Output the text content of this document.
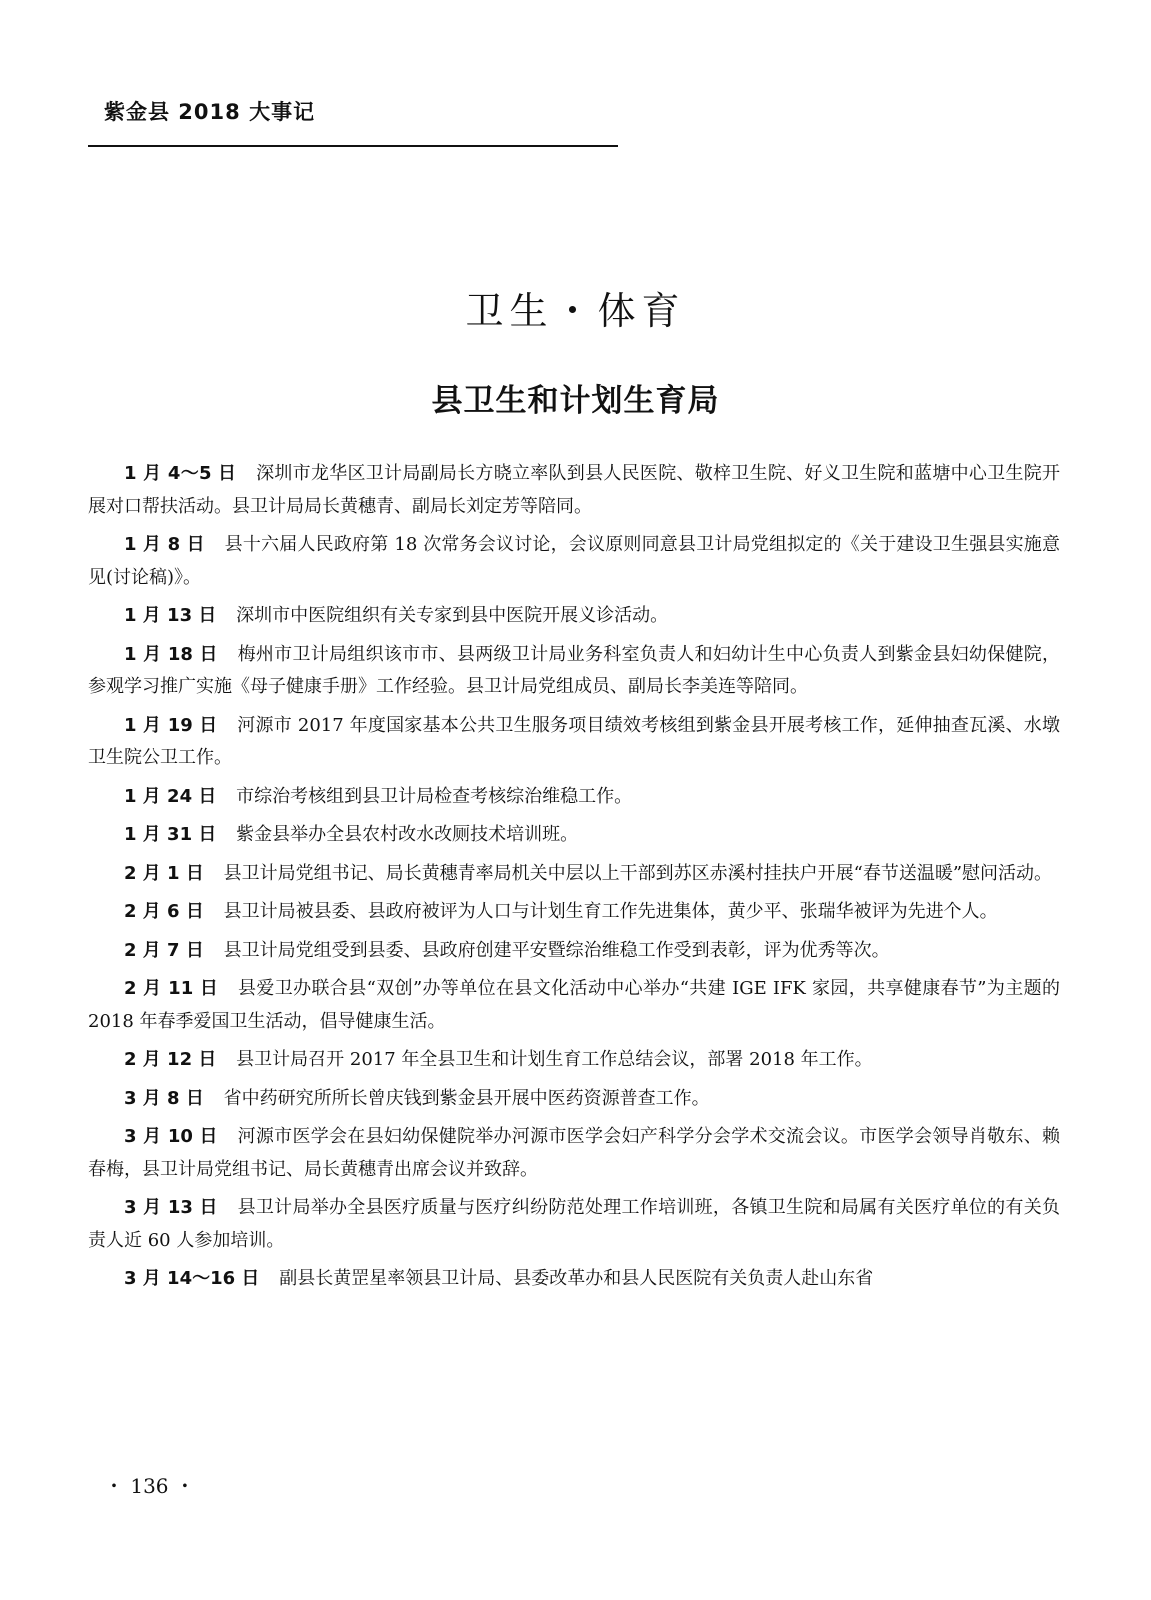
紫金县 2018 大事记
卫生・体育
县卫生和计划生育局

1 月 4～5 日 深圳市龙华区卫计局副局长方晓立率队到县人民医院、敬梓卫生院、好义卫生院和蓝塘中心卫生院开展对口帮扶活动。县卫计局局长黄穗青、副局长刘定芳等陪同。

1 月 8 日 县十六届人民政府第 18 次常务会议讨论，会议原则同意县卫计局党组拟定的《关于建设卫生强县实施意见(讨论稿)》。

1 月 13 日 深圳市中医院组织有关专家到县中医院开展义诊活动。

1 月 18 日 梅州市卫计局组织该市市、县两级卫计局业务科室负责人和妇幼计生中心负责人到紫金县妇幼保健院，参观学习推广实施《母子健康手册》工作经验。县卫计局党组成员、副局长李美连等陪同。

1 月 19 日 河源市 2017 年度国家基本公共卫生服务项目绩效考核组到紫金县开展考核工作，延伸抽查瓦溪、水墩卫生院公卫工作。

1 月 24 日 市综治考核组到县卫计局检查考核综治维稳工作。

1 月 31 日 紫金县举办全县农村改水改厕技术培训班。

2 月 1 日 县卫计局党组书记、局长黄穗青率局机关中层以上干部到苏区赤溪村挂扶户开展“春节送温暖”慰问活动。

2 月 6 日 县卫计局被县委、县政府被评为人口与计划生育工作先进集体，黄少平、张瑞华被评为先进个人。

2 月 7 日 县卫计局党组受到县委、县政府创建平安暨综治维稳工作受到表彰，评为优秀等次。

2 月 11 日 县爱卫办联合县“双创”办等单位在县文化活动中心举办“共建 IGE IFK 家园，共享健康春节”为主题的 2018 年春季爱国卫生活动，倡导健康生活。

2 月 12 日 县卫计局召开 2017 年全县卫生和计划生育工作总结会议，部署 2018 年工作。

3 月 8 日 省中药研究所所长曾庆钱到紫金县开展中医药资源普查工作。

3 月 10 日 河源市医学会在县妇幼保健院举办河源市医学会妇产科学分会学术交流会议。市医学会领导肖敬东、赖春梅，县卫计局党组书记、局长黄穗青出席会议并致辞。

3 月 13 日 县卫计局举办全县医疗质量与医疗纠纷防范处理工作培训班，各镇卫生院和局属有关医疗单位的有关负责人近 60 人参加培训。

3 月 14～16 日 副县长黄罡星率领县卫计局、县委改革办和县人民医院有关负责人赴山东省

・ 136 ・
